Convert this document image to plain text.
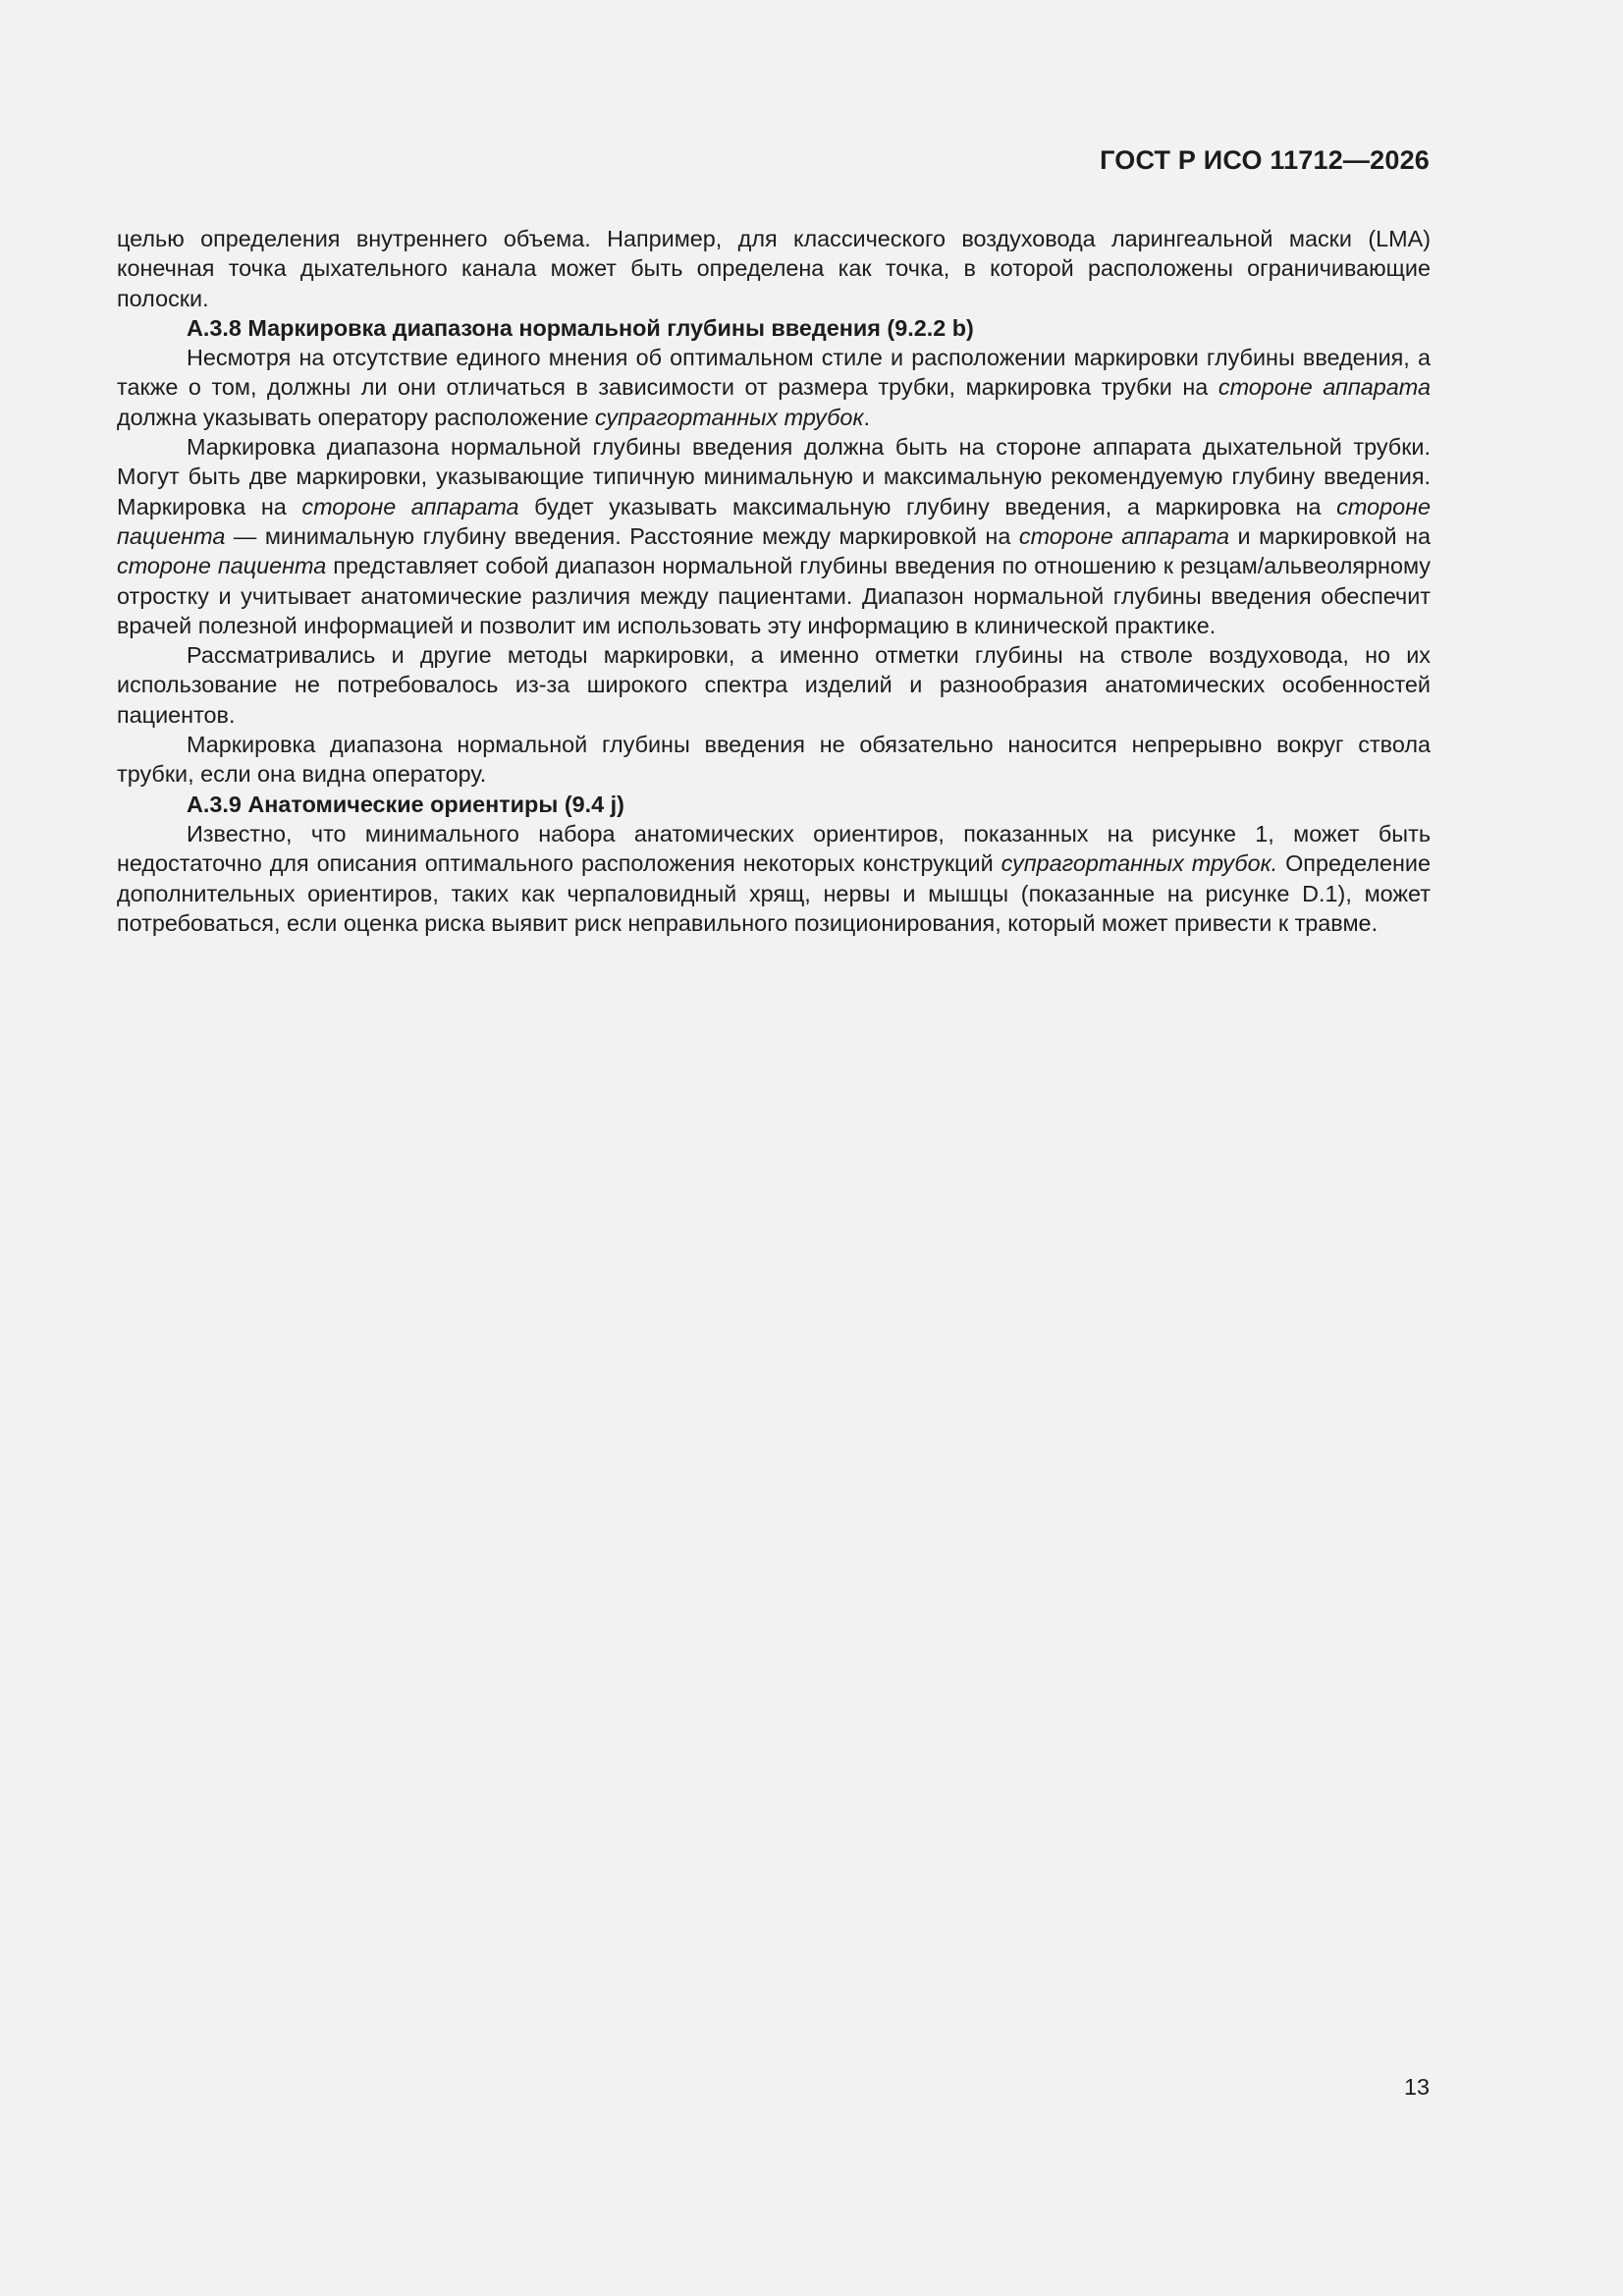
ГОСТ Р ИСО 11712—2026

целью определения внутреннего объема. Например, для классического воздуховода ларингеальной маски (LMA) конечная точка дыхательного канала может быть определена как точка, в которой расположены ограничивающие полоски.

А.3.8 Маркировка диапазона нормальной глубины введения (9.2.2 b)

Несмотря на отсутствие единого мнения об оптимальном стиле и расположении маркировки глубины введения, а также о том, должны ли они отличаться в зависимости от размера трубки, маркировка трубки на стороне аппарата должна указывать оператору расположение супрагортанных трубок.

Маркировка диапазона нормальной глубины введения должна быть на стороне аппарата дыхательной трубки. Могут быть две маркировки, указывающие типичную минимальную и максимальную рекомендуемую глубину введения. Маркировка на стороне аппарата будет указывать максимальную глубину введения, а маркировка на стороне пациента — минимальную глубину введения. Расстояние между маркировкой на стороне аппарата и маркировкой на стороне пациента представляет собой диапазон нормальной глубины введения по отношению к резцам/альвеолярному отростку и учитывает анатомические различия между пациентами. Диапазон нормальной глубины введения обеспечит врачей полезной информацией и позволит им использовать эту информацию в клинической практике.

Рассматривались и другие методы маркировки, а именно отметки глубины на стволе воздуховода, но их использование не потребовалось из-за широкого спектра изделий и разнообразия анатомических особенностей пациентов.

Маркировка диапазона нормальной глубины введения не обязательно наносится непрерывно вокруг ствола трубки, если она видна оператору.

А.3.9 Анатомические ориентиры (9.4 j)

Известно, что минимального набора анатомических ориентиров, показанных на рисунке 1, может быть недостаточно для описания оптимального расположения некоторых конструкций супрагортанных трубок. Определение дополнительных ориентиров, таких как черпаловидный хрящ, нервы и мышцы (показанные на рисунке D.1), может потребоваться, если оценка риска выявит риск неправильного позиционирования, который может привести к травме.

13
